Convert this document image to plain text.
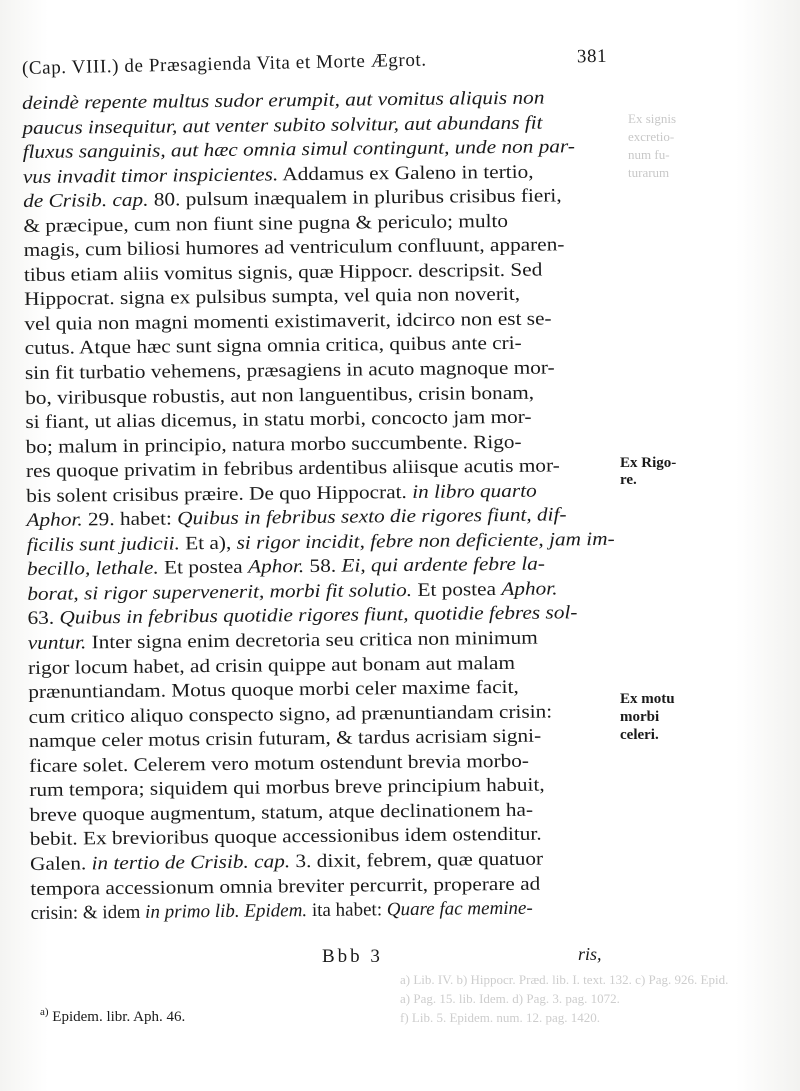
(Cap. VIII.) de Præsagienda Vita et Morte Ægrot.	381
Ex signis
excretio-
num fu-
turarum
deindè repente multus sudor erumpit, aut vomitus aliquis non
paucus insequitur, aut venter subito solvitur, aut abundans fit
fluxus sanguinis, aut hæc omnia simul contingunt, unde non par-
vus invadit timor inspicientes. Addamus ex Galeno in tertio,
de Crisib. cap. 80. pulsum inæqualem in pluribus crisibus fieri,
& præcipue, cum non fiunt sine pugna & periculo; multo
magis, cum biliosi humores ad ventriculum confluunt, apparen-
tibus etiam aliis vomitus signis, quæ Hippocr. descripsit. Sed
Hippocrat. signa ex pulsibus sumpta, vel quia non noverit,
vel quia non magni momenti existimaverit, idcirco non est se-
cutus. Atque hæc sunt signa omnia critica, quibus ante cri-
sin fit turbatio vehemens, præsagiens in acuto magnoque mor-
bo, viribusque robustis, aut non languentibus, crisin bonam,
si fiant, ut alias dicemus, in statu morbi, concocto jam mor-
bo; malum in principio, natura morbo succumbente. Rigo-
res quoque privatim in febribus ardentibus aliisque acutis mor-
bis solent crisibus præire. De quo Hippocrat. in libro quarto
Aphor. 29. habet: Quibus in febribus sexto die rigores fiunt, dif-
ficilis sunt judicii. Et a), si rigor incidit, febre non deficiente, jam im-
becillo, lethale. Et postea Aphor. 58. Ei, qui ardente febre la-
borat, si rigor supervenerit, morbi fit solutio. Et postea Aphor.
63. Quibus in febribus quotidie rigores fiunt, quotidie febres sol-
vuntur. Inter signa enim decretoria seu critica non minimum
rigor locum habet, ad crisin quippe aut bonam aut malam
prænuntiandam. Motus quoque morbi celer maxime facit,
cum critico aliquo conspecto signo, ad prænuntiandam crisin:
namque celer motus crisin futuram, & tardus acrisiam signi-
ficare solet. Celerem vero motum ostendunt brevia morbo-
rum tempora; siquidem qui morbus breve principium habuit,
breve quoque augmentum, statum, atque declinationem ha-
bebit. Ex brevioribus quoque accessionibus idem ostenditur.
Galen. in tertio de Crisib. cap. 3. dixit, febrem, quæ quatuor
tempora accessionum omnia breviter percurrit, properare ad
crisin: & idem in primo lib. Epidem. ita habet: Quare fac memine-
Ex Rigo-
re.
Ex motu
morbi
celeri.
Bbb 3	ris,
a) Lib. IV. b) Hippocr. Præd. lib. I. text. 132. c) Pag. 926. Epid.
a) Pag. 15. lib. Idem. d) Pag. 3. pag. 1072.
f) Lib. 5. Epidem. num. 12. pag. 1420.
$^{a)}$ Epidem. libr. Aph. 46.
